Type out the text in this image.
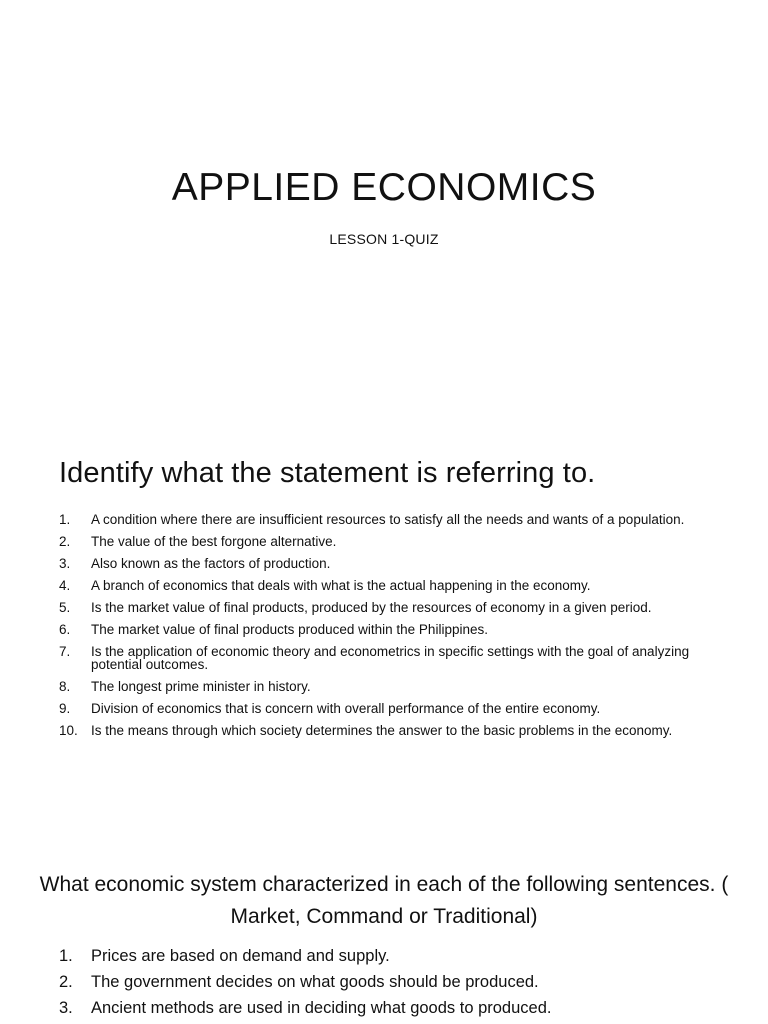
APPLIED ECONOMICS
LESSON 1-QUIZ
Identify what the statement is referring to.
1.	A condition where there are insufficient resources to satisfy all the needs and wants of a population.
2.	The value of the best forgone alternative.
3.	Also known as the factors of production.
4.	A branch of economics that deals with what is the actual happening in the economy.
5.	Is the market value of final products, produced by the resources of economy in a given period.
6.	The market value of final products produced within the Philippines.
7.	Is the application of economic theory and econometrics in specific settings with the goal of analyzing potential outcomes.
8.	The longest prime minister in history.
9.	Division of economics that is concern with overall performance of the entire economy.
10. Is the means through which society determines the answer to the basic problems in the economy.
What economic system characterized in each of the following sentences. (
Market, Command or Traditional)
1.	Prices are based on demand and supply.
2.	The government decides on what goods should be produced.
3.	Ancient methods are used in deciding what goods to produced.
